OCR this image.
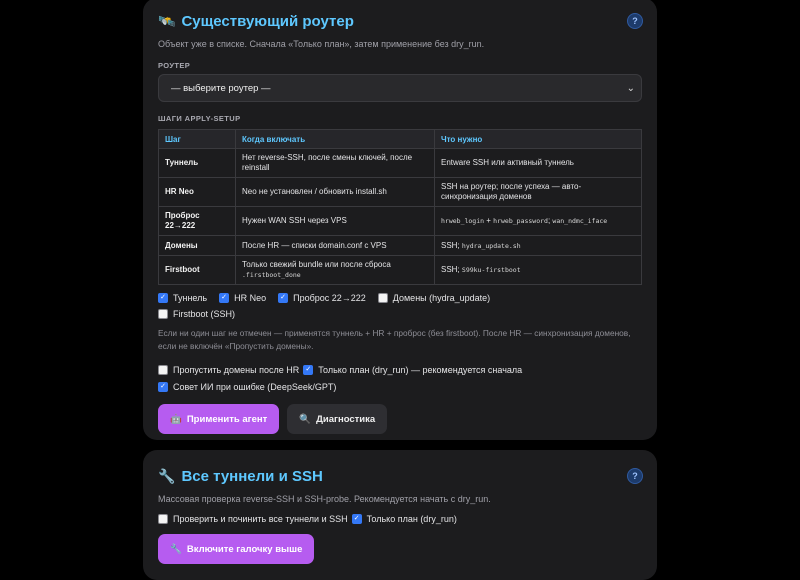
🛰️ Существующий роутер	?
Объект уже в списке. Сначала «Только план», затем применение без dry_run.
РОУТЕР
— выберите роутер —	⌄
ШАГИ APPLY-SETUP
Шаг	Когда включать	Что нужно
Туннель	Нет reverse-SSH, после смены ключей, после reinstall	Entware SSH или активный туннель
HR Neo	Neo не установлен / обновить install.sh	SSH на роутер; после успеха — авто-синхронизация доменов
Проброс 22→222	Нужен WAN SSH через VPS	hrweb_login + hrweb_password; wan_ndmc_iface
Домены	После HR — списки domain.conf с VPS	SSH; hydra_update.sh
Firstboot	Только свежий bundle или после сброса .firstboot_done	SSH; S99ku-firstboot
✓ Туннель ✓ HR Neo ✓ Проброс 22→222	Домены (hydra_update)
Firstboot (SSH)
Если ни один шаг не отмечен — применятся туннель + HR + проброс (без firstboot). После HR — синхронизация доменов, если не включён «Пропустить домены».
Пропустить домены после HR ✓ Только план (dry_run) — рекомендуется сначала
✓ Совет ИИ при ошибке (DeepSeek/GPT)
🤖 Применить агент	🔍 Диагностика
🔧 Все туннели и SSH	?
Массовая проверка reverse-SSH и SSH-probe. Рекомендуется начать с dry_run.
Проверить и починить все туннели и SSH ✓ Только план (dry_run)
🔧 Включите галочку выше
